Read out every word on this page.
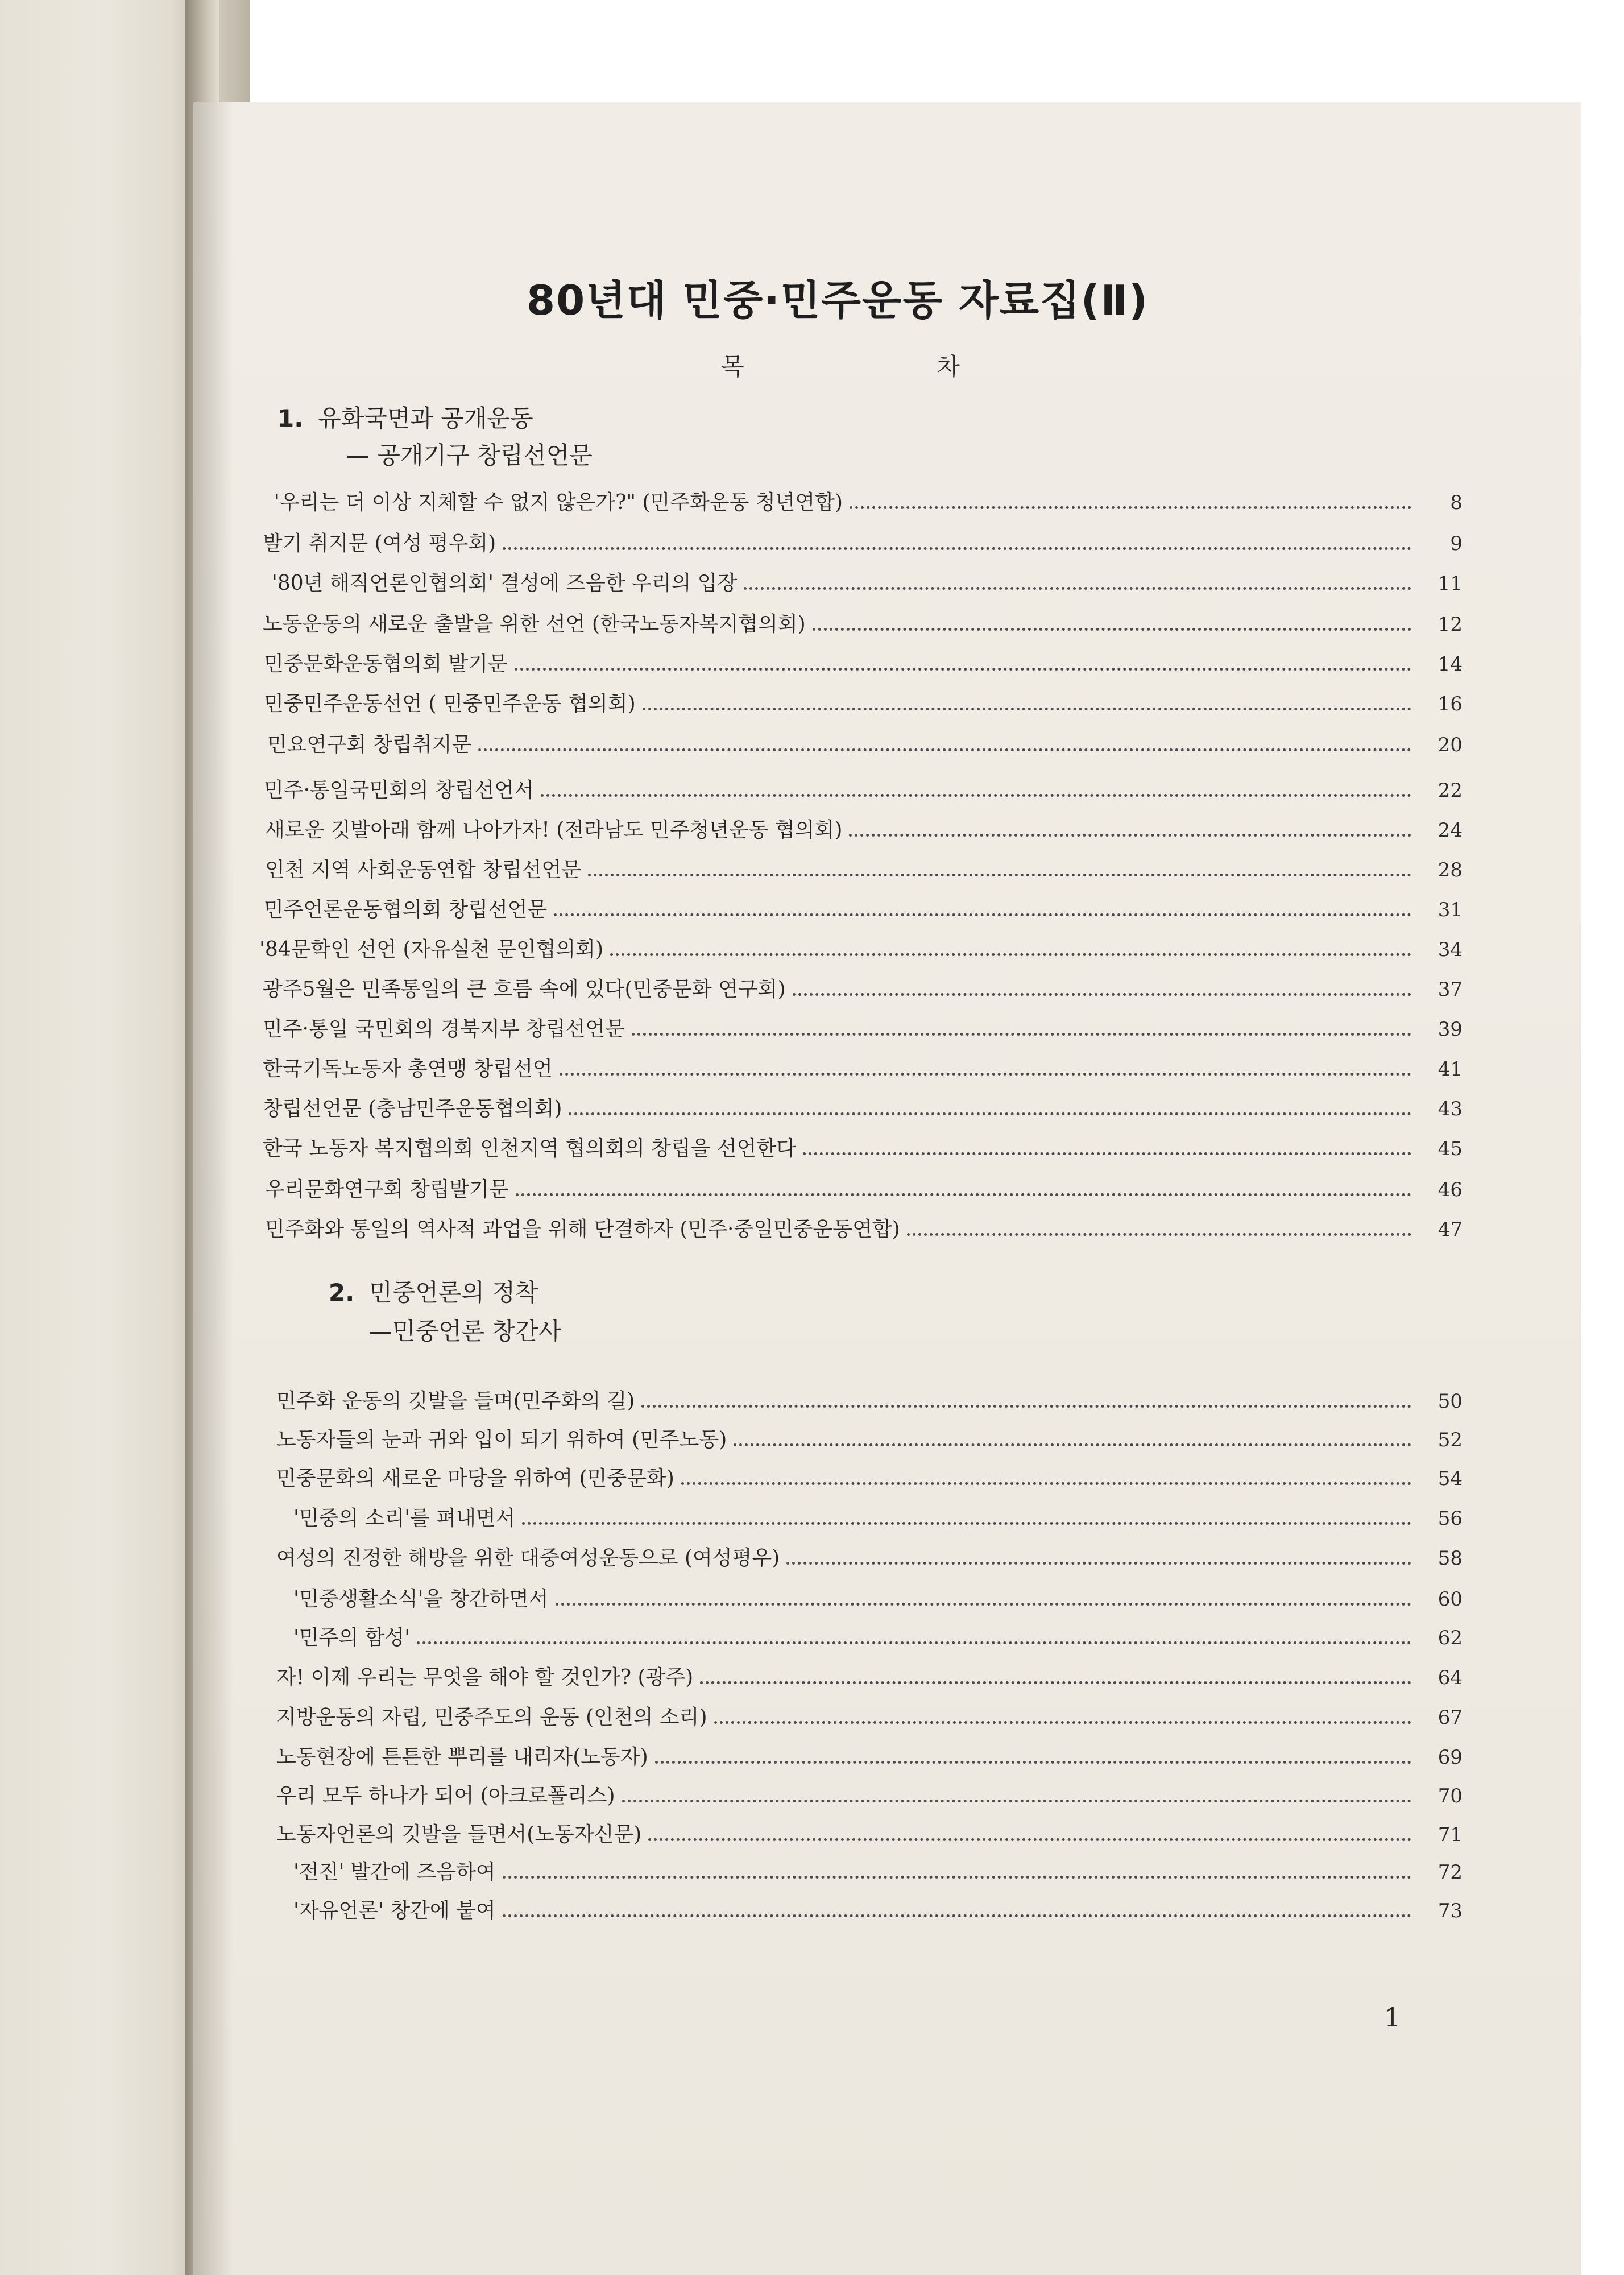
80년대 민중·민주운동 자료집(Ⅱ)
목	차
1. 유화국면과 공개운동
— 공개기구 창립선언문
'우리는 더 이상 지체할 수 없지 않은가?" (민주화운동 청년연합)	8
발기 취지문 (여성 평우회)	9
'80년 해직언론인협의회' 결성에 즈음한 우리의 입장	11
노동운동의 새로운 출발을 위한 선언 (한국노동자복지협의회)	12
민중문화운동협의회 발기문	14
민중민주운동선언 ( 민중민주운동 협의회)	16
민요연구회 창립취지문	20
민주·통일국민회의 창립선언서	22
새로운 깃발아래 함께 나아가자! (전라남도 민주청년운동 협의회)	24
인천 지역 사회운동연합 창립선언문	28
민주언론운동협의회 창립선언문	31
'84문학인 선언 (자유실천 문인협의회)	34
광주5월은 민족통일의 큰 흐름 속에 있다(민중문화 연구회)	37
민주·통일 국민회의 경북지부 창립선언문	39
한국기독노동자 총연맹 창립선언	41
창립선언문 (충남민주운동협의회)	43
한국 노동자 복지협의회 인천지역 협의회의 창립을 선언한다	45
우리문화연구회 창립발기문	46
민주화와 통일의 역사적 과업을 위해 단결하자 (민주·중일민중운동연합)	47
2. 민중언론의 정착
—민중언론 창간사
민주화 운동의 깃발을 들며(민주화의 길)	50
노동자들의 눈과 귀와 입이 되기 위하여 (민주노동)	52
민중문화의 새로운 마당을 위하여 (민중문화)	54
'민중의 소리'를 펴내면서	56
여성의 진정한 해방을 위한 대중여성운동으로 (여성평우)	58
'민중생활소식'을 창간하면서	60
'민주의 함성'	62
자! 이제 우리는 무엇을 해야 할 것인가? (광주)	64
지방운동의 자립, 민중주도의 운동 (인천의 소리)	67
노동현장에 튼튼한 뿌리를 내리자(노동자)	69
우리 모두 하나가 되어 (아크로폴리스)	70
노동자언론의 깃발을 들면서(노동자신문)	71
'전진' 발간에 즈음하여	72
'자유언론' 창간에 붙여	73
1
